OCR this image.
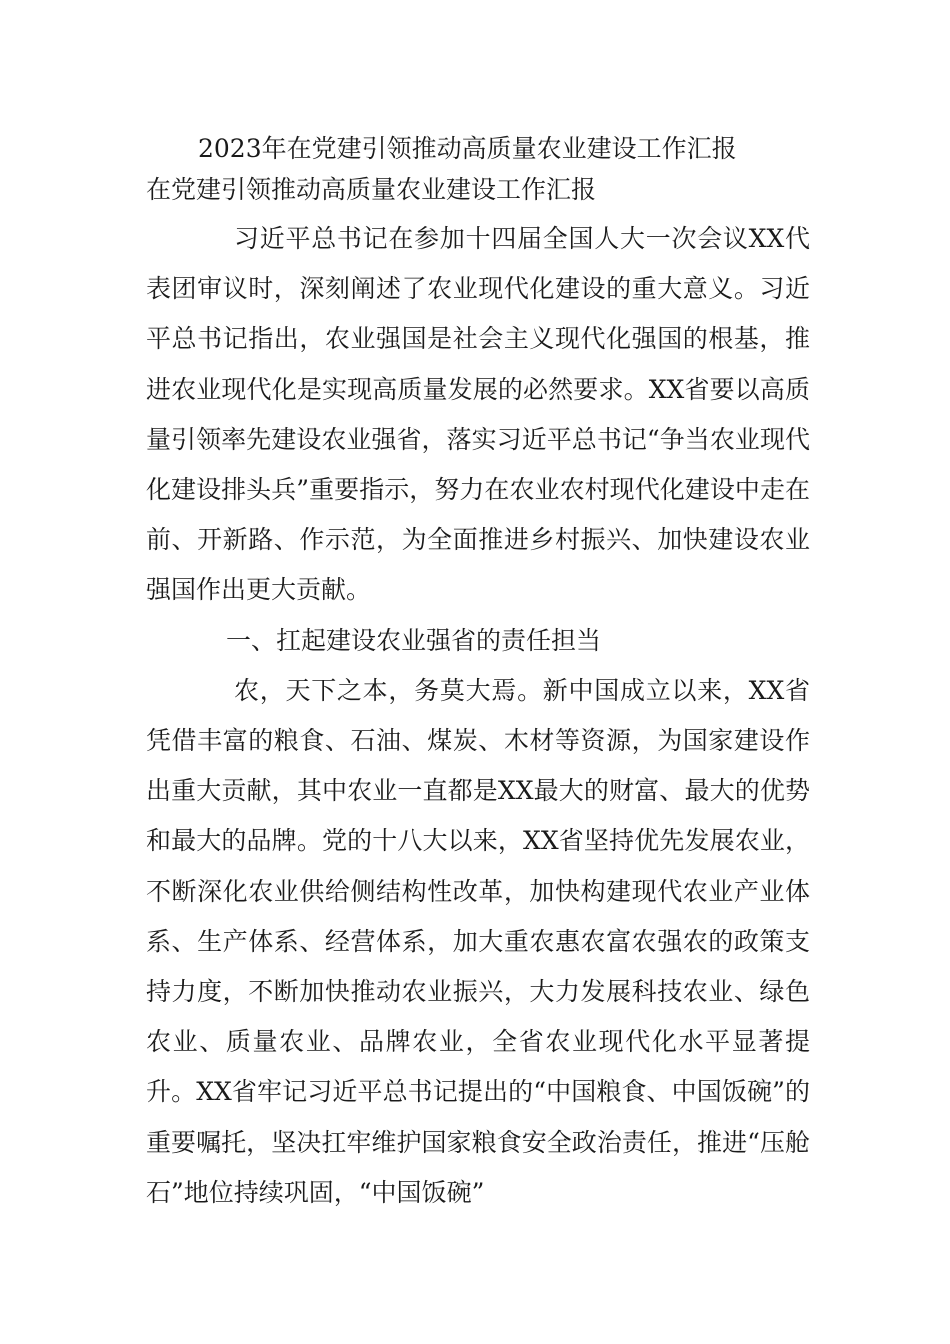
2023年在党建引领推动高质量农业建设工作汇报
在党建引领推动高质量农业建设工作汇报

习近平总书记在参加十四届全国人大一次会议XX代表团审议时，深刻阐述了农业现代化建设的重大意义。习近平总书记指出，农业强国是社会主义现代化强国的根基，推进农业现代化是实现高质量发展的必然要求。XX省要以高质量引领率先建设农业强省，落实习近平总书记“争当农业现代化建设排头兵”重要指示，努力在农业农村现代化建设中走在前、开新路、作示范，为全面推进乡村振兴、加快建设农业强国作出更大贡献。

一、扛起建设农业强省的责任担当

农，天下之本，务莫大焉。新中国成立以来，XX省凭借丰富的粮食、石油、煤炭、木材等资源，为国家建设作出重大贡献，其中农业一直都是XX最大的财富、最大的优势和最大的品牌。党的十八大以来，XX省坚持优先发展农业，不断深化农业供给侧结构性改革，加快构建现代农业产业体系、生产体系、经营体系，加大重农惠农富农强农的政策支持力度，不断加快推动农业振兴，大力发展科技农业、绿色农业、质量农业、品牌农业，全省农业现代化水平显著提升。XX省牢记习近平总书记提出的“中国粮食、中国饭碗”的重要嘱托，坚决扛牢维护国家粮食安全政治责任，推进“压舱石”地位持续巩固，“中国饭碗”
